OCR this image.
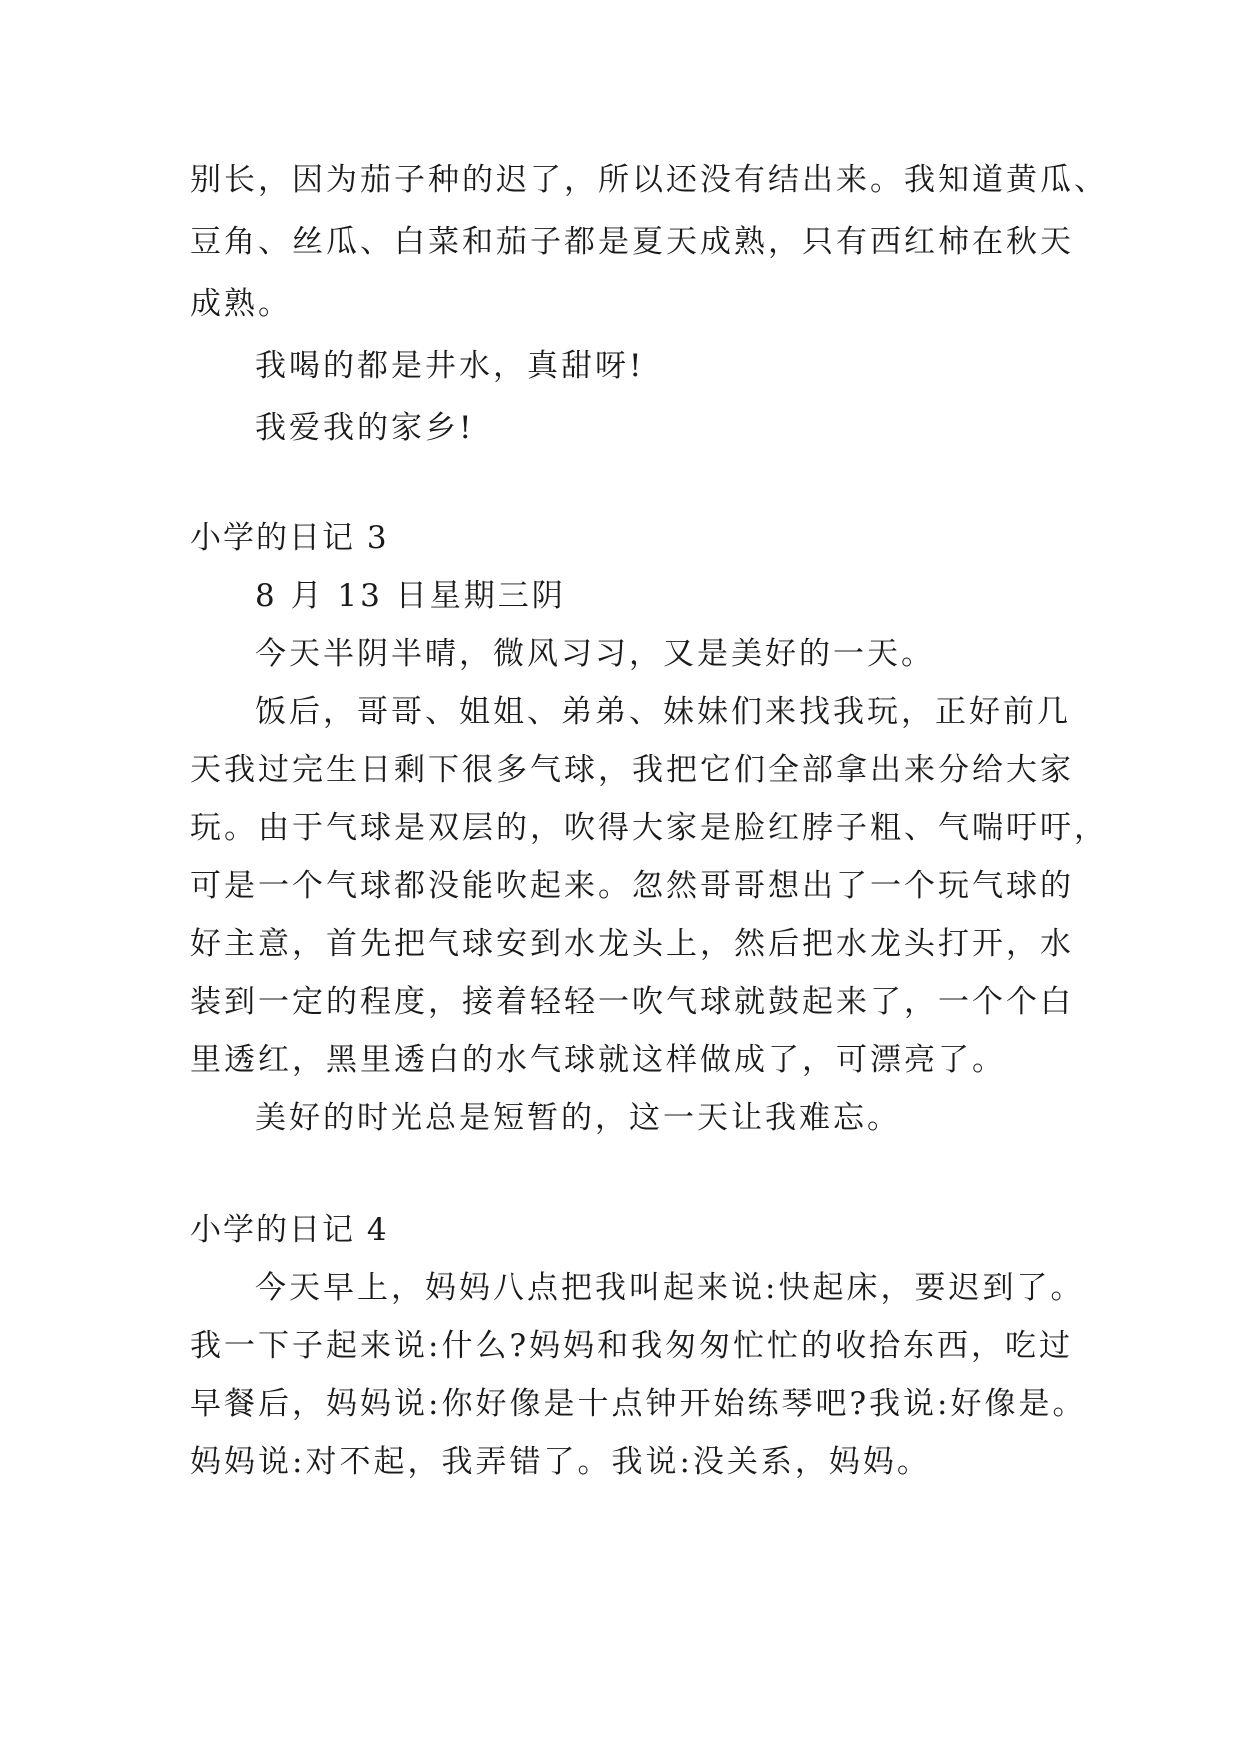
别长，因为茄子种的迟了，所以还没有结出来。我知道黄瓜、
豆角、丝瓜、白菜和茄子都是夏天成熟，只有西红柿在秋天
成熟。
我喝的都是井水，真甜呀!
我爱我的家乡!
小学的日记 3
8 月 13 日星期三阴
今天半阴半晴，微风习习，又是美好的一天。
饭后，哥哥、姐姐、弟弟、妹妹们来找我玩，正好前几
天我过完生日剩下很多气球，我把它们全部拿出来分给大家
玩。由于气球是双层的，吹得大家是脸红脖子粗、气喘吁吁，
可是一个气球都没能吹起来。忽然哥哥想出了一个玩气球的
好主意，首先把气球安到水龙头上，然后把水龙头打开，水
装到一定的程度，接着轻轻一吹气球就鼓起来了，一个个白
里透红，黑里透白的水气球就这样做成了，可漂亮了。
美好的时光总是短暂的，这一天让我难忘。
小学的日记 4
今天早上，妈妈八点把我叫起来说:快起床，要迟到了。
我一下子起来说:什么?妈妈和我匆匆忙忙的收拾东西，吃过
早餐后，妈妈说:你好像是十点钟开始练琴吧?我说:好像是。
妈妈说:对不起，我弄错了。我说:没关系，妈妈。
